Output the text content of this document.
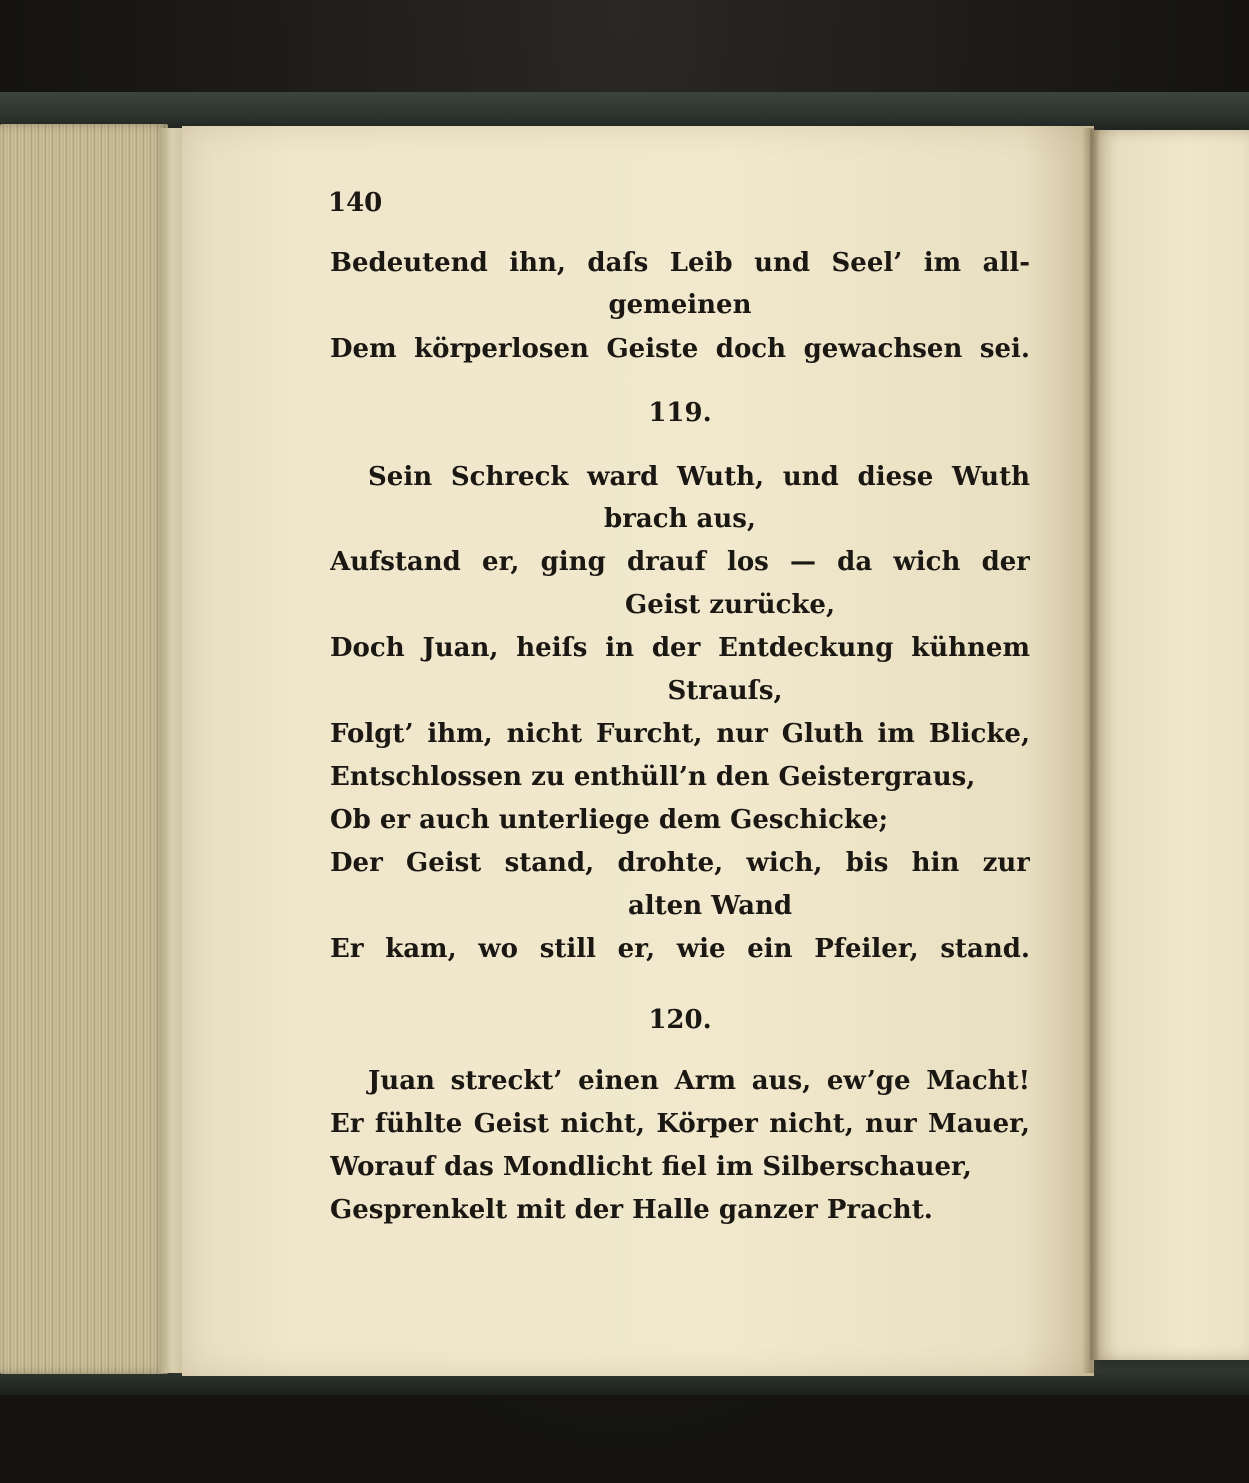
140
Bedeutend ihn, daſs Leib und Seel’ im all-
gemeinen
Dem körperlosen Geiste doch gewachsen sei.
119.
Sein Schreck ward Wuth, und diese Wuth
brach aus,
Aufstand er, ging drauf los — da wich der
Geist zurücke,
Doch Juan, heiſs in der Entdeckung kühnem
Strauſs,
Folgt’ ihm, nicht Furcht, nur Gluth im Blicke,
Entschlossen zu enthüll’n den Geistergraus,
Ob er auch unterliege dem Geschicke;
Der Geist stand, drohte, wich, bis hin zur
alten Wand
Er kam, wo still er, wie ein Pfeiler, stand.
120.
Juan streckt’ einen Arm aus, ew’ge Macht!
Er fühlte Geist nicht, Körper nicht, nur Mauer,
Worauf das Mondlicht fiel im Silberschauer,
Gesprenkelt mit der Halle ganzer Pracht.
